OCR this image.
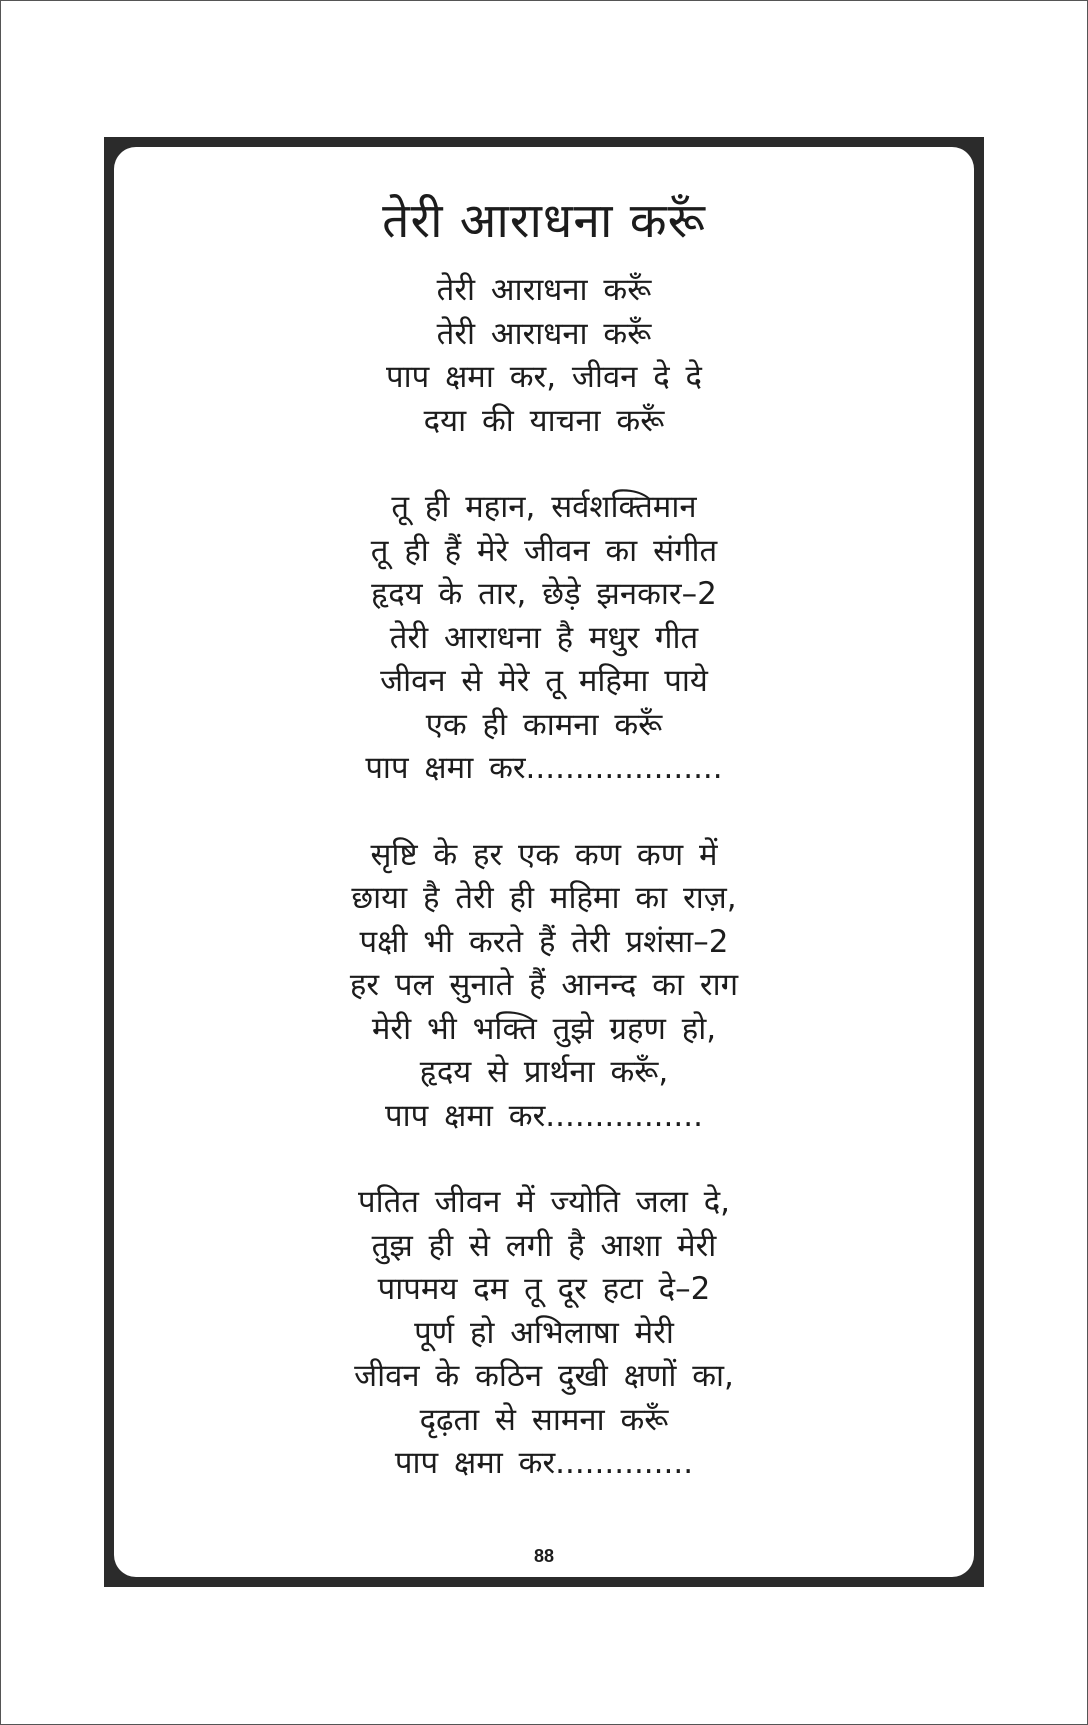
तेरी आराधना करूँ
तेरी आराधना करूँ
तेरी आराधना करूँ
पाप क्षमा कर, जीवन दे दे
दया की याचना करूँ
तू ही महान, सर्वशक्तिमान
तू ही हैं मेरे जीवन का संगीत
हृदय के तार, छेड़े झनकार–2
तेरी आराधना है मधुर गीत
जीवन से मेरे तू महिमा पाये
एक ही कामना करूँ
पाप क्षमा कर....................
सृष्टि के हर एक कण कण में
छाया है तेरी ही महिमा का राज़,
पक्षी भी करते हैं तेरी प्रशंसा–2
हर पल सुनाते हैं आनन्द का राग
मेरी भी भक्ति तुझे ग्रहण हो,
हृदय से प्रार्थना करूँ,
पाप क्षमा कर................
पतित जीवन में ज्योति जला दे,
तुझ ही से लगी है आशा मेरी
पापमय दम तू दूर हटा दे–2
पूर्ण हो अभिलाषा मेरी
जीवन के कठिन दुखी क्षणों का,
दृढ़ता से सामना करूँ
पाप क्षमा कर..............
88
